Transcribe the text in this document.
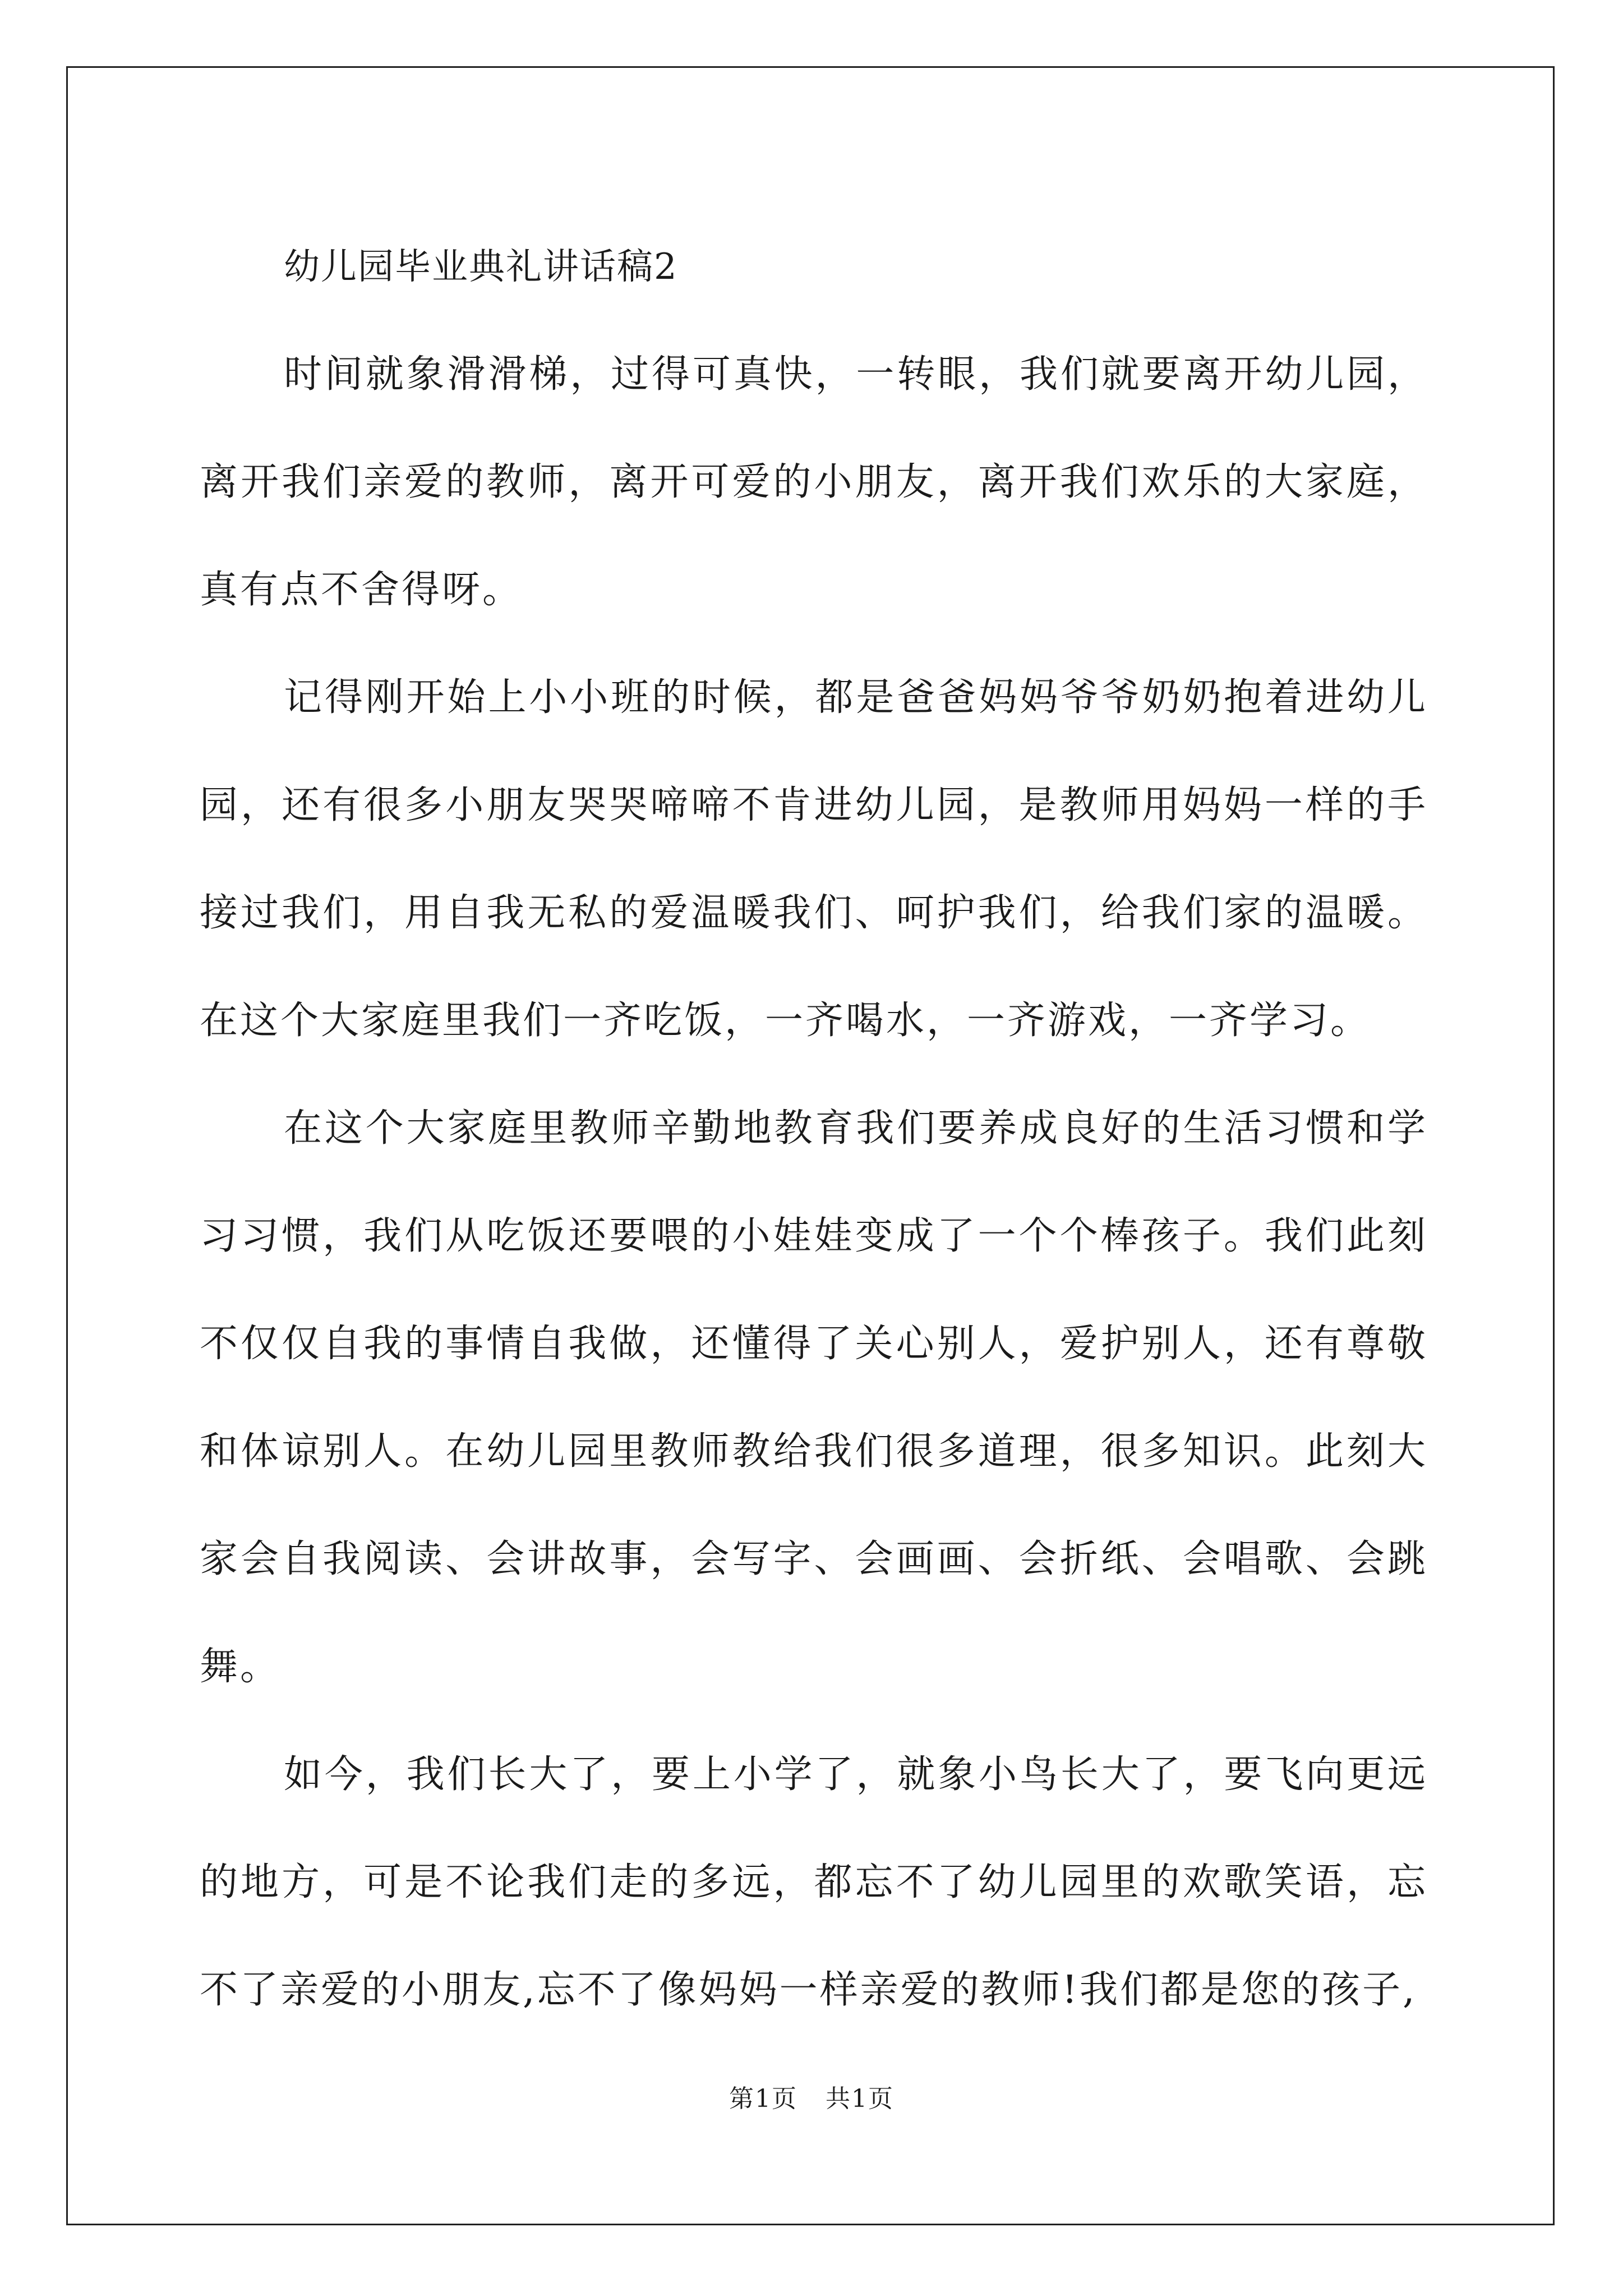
幼儿园毕业典礼讲话稿2

时间就象滑滑梯，过得可真快，一转眼，我们就要离开幼儿园，离开我们亲爱的教师，离开可爱的小朋友，离开我们欢乐的大家庭，真有点不舍得呀。

记得刚开始上小小班的时候，都是爸爸妈妈爷爷奶奶抱着进幼儿园，还有很多小朋友哭哭啼啼不肯进幼儿园，是教师用妈妈一样的手接过我们，用自我无私的爱温暖我们、呵护我们，给我们家的温暖。在这个大家庭里我们一齐吃饭，一齐喝水，一齐游戏，一齐学习。

在这个大家庭里教师辛勤地教育我们要养成良好的生活习惯和学习习惯，我们从吃饭还要喂的小娃娃变成了一个个棒孩子。我们此刻不仅仅自我的事情自我做，还懂得了关心别人，爱护别人，还有尊敬和体谅别人。在幼儿园里教师教给我们很多道理，很多知识。此刻大家会自我阅读、会讲故事，会写字、会画画、会折纸、会唱歌、会跳舞。

如今，我们长大了，要上小学了，就象小鸟长大了，要飞向更远的地方，可是不论我们走的多远，都忘不了幼儿园里的欢歌笑语，忘不了亲爱的小朋友,忘不了像妈妈一样亲爱的教师!我们都是您的孩子,

第1页 共1页
